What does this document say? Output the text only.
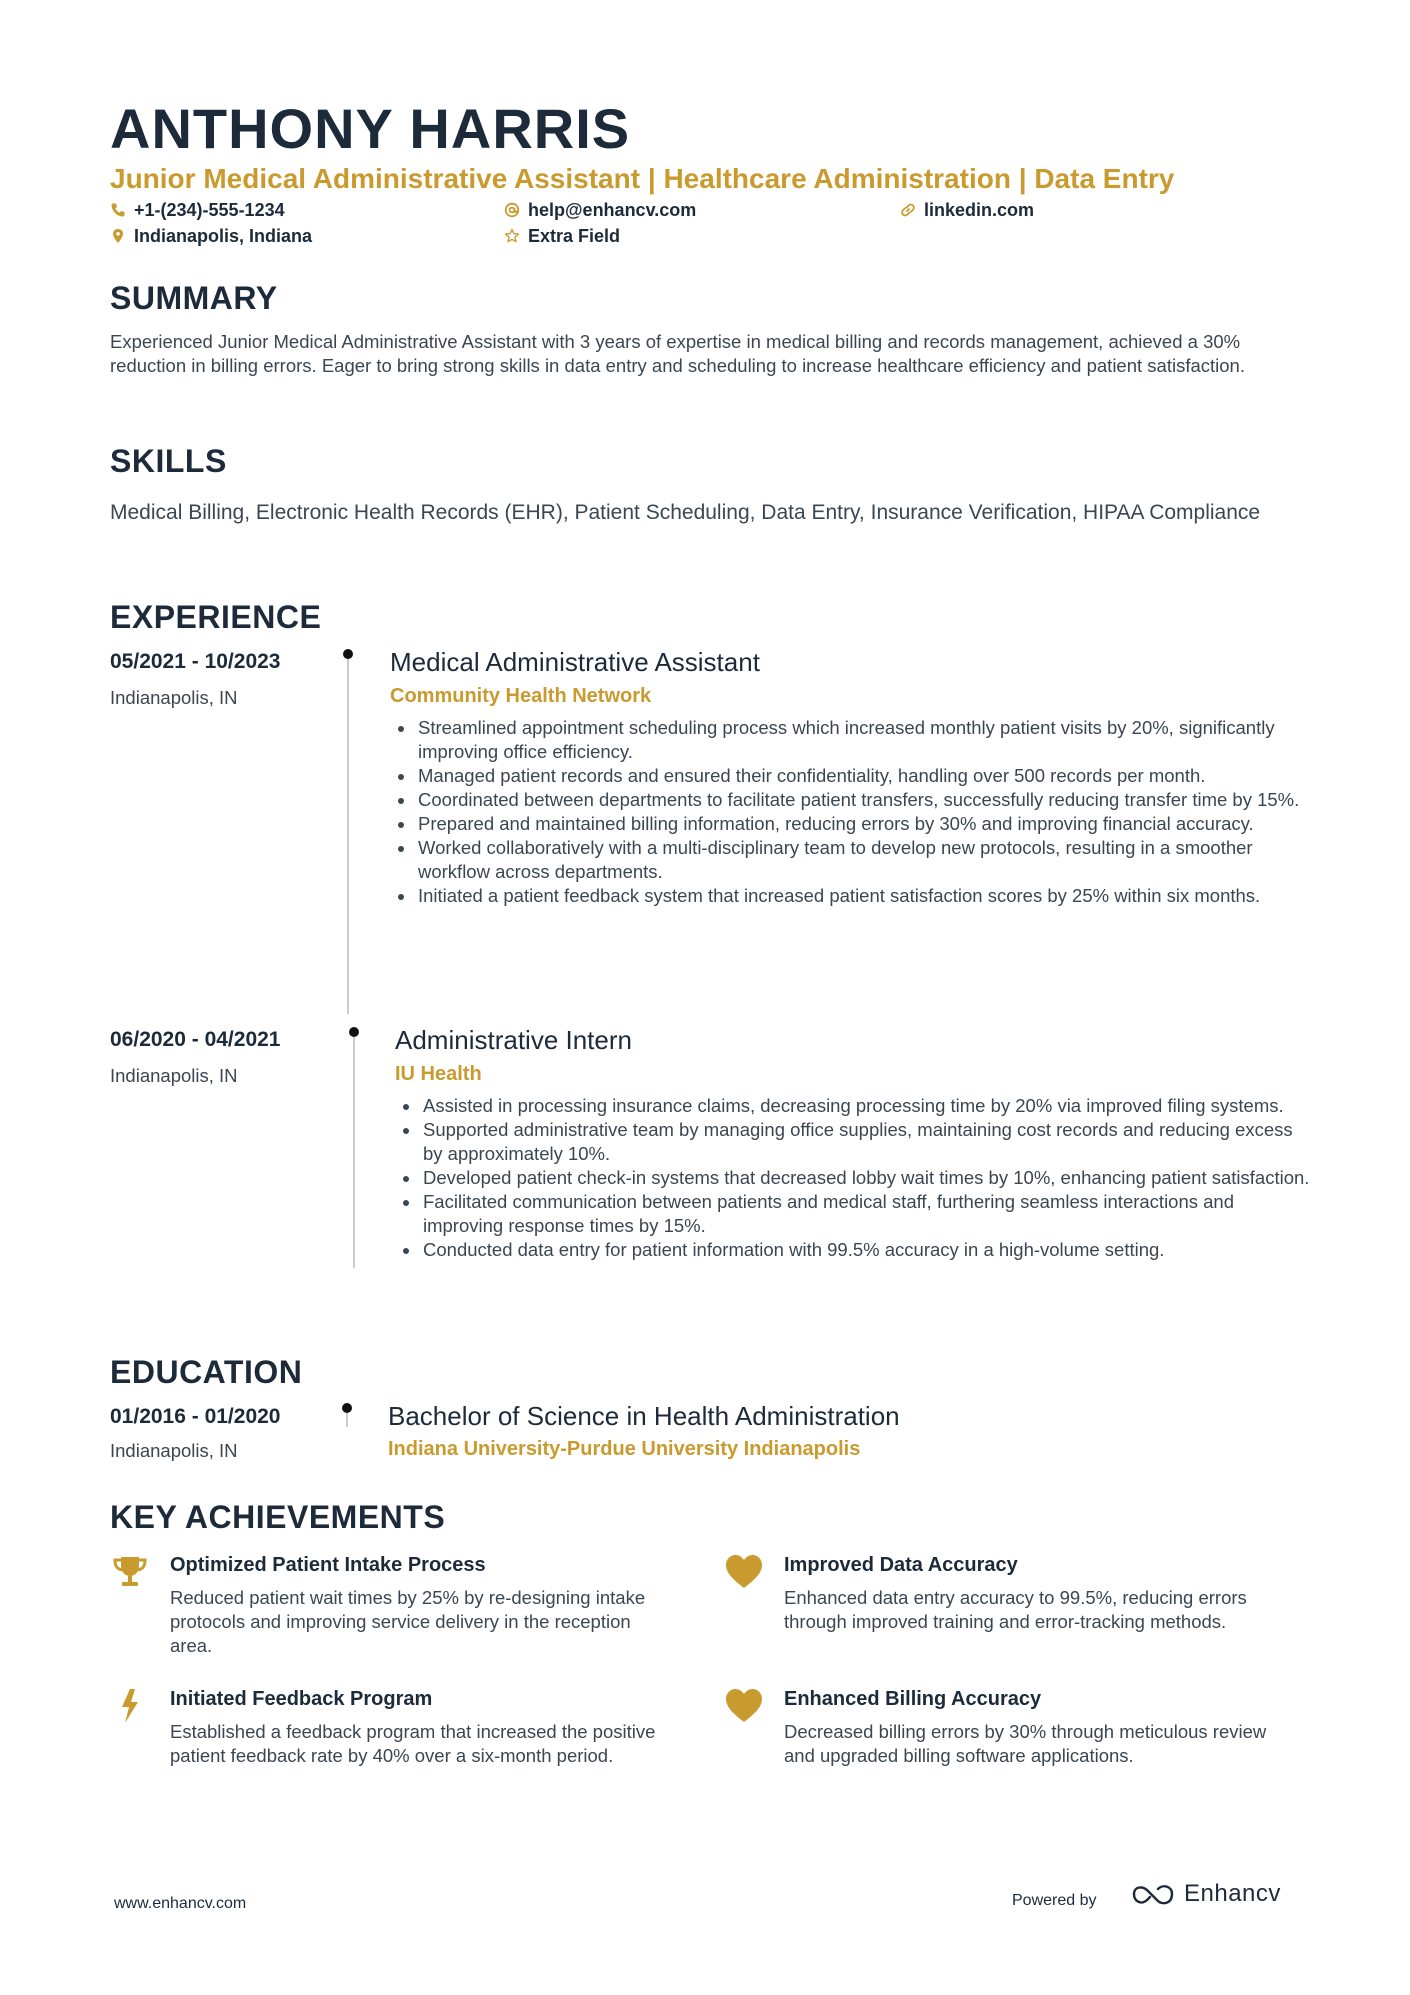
ANTHONY HARRIS
Junior Medical Administrative Assistant | Healthcare Administration | Data Entry
+1-(234)-555-1234	help@enhancv.com	linkedin.com
Indianapolis, Indiana	Extra Field
SUMMARY
Experienced Junior Medical Administrative Assistant with 3 years of expertise in medical billing and records management, achieved a 30% reduction in billing errors. Eager to bring strong skills in data entry and scheduling to increase healthcare efficiency and patient satisfaction.
SKILLS
Medical Billing, Electronic Health Records (EHR), Patient Scheduling, Data Entry, Insurance Verification, HIPAA Compliance
EXPERIENCE
05/2021 - 10/2023
Indianapolis, IN
Medical Administrative Assistant
Community Health Network
Streamlined appointment scheduling process which increased monthly patient visits by 20%, significantly improving office efficiency.
Managed patient records and ensured their confidentiality, handling over 500 records per month.
Coordinated between departments to facilitate patient transfers, successfully reducing transfer time by 15%.
Prepared and maintained billing information, reducing errors by 30% and improving financial accuracy.
Worked collaboratively with a multi-disciplinary team to develop new protocols, resulting in a smoother workflow across departments.
Initiated a patient feedback system that increased patient satisfaction scores by 25% within six months.
06/2020 - 04/2021
Indianapolis, IN
Administrative Intern
IU Health
Assisted in processing insurance claims, decreasing processing time by 20% via improved filing systems.
Supported administrative team by managing office supplies, maintaining cost records and reducing excess by approximately 10%.
Developed patient check-in systems that decreased lobby wait times by 10%, enhancing patient satisfaction.
Facilitated communication between patients and medical staff, furthering seamless interactions and improving response times by 15%.
Conducted data entry for patient information with 99.5% accuracy in a high-volume setting.
EDUCATION
01/2016 - 01/2020
Indianapolis, IN
Bachelor of Science in Health Administration
Indiana University-Purdue University Indianapolis
KEY ACHIEVEMENTS
Optimized Patient Intake Process
Reduced patient wait times by 25% by re-designing intake protocols and improving service delivery in the reception area.
Improved Data Accuracy
Enhanced data entry accuracy to 99.5%, reducing errors through improved training and error-tracking methods.
Initiated Feedback Program
Established a feedback program that increased the positive patient feedback rate by 40% over a six-month period.
Enhanced Billing Accuracy
Decreased billing errors by 30% through meticulous review and upgraded billing software applications.
www.enhancv.com	Powered by	Enhancv
